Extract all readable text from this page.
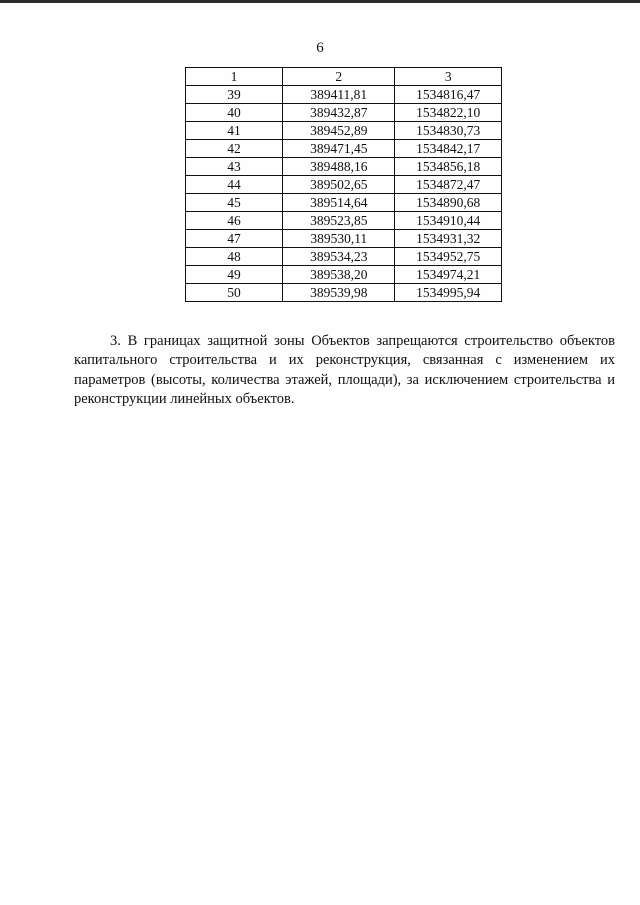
6
1	2	3
39	389411,81	1534816,47
40	389432,87	1534822,10
41	389452,89	1534830,73
42	389471,45	1534842,17
43	389488,16	1534856,18
44	389502,65	1534872,47
45	389514,64	1534890,68
46	389523,85	1534910,44
47	389530,11	1534931,32
48	389534,23	1534952,75
49	389538,20	1534974,21
50	389539,98	1534995,94

3. В границах защитной зоны Объектов запрещаются строительство объектов капитального строительства и их реконструкция, связанная с изменением их параметров (высоты, количества этажей, площади), за исключением строительства и реконструкции линейных объектов.
